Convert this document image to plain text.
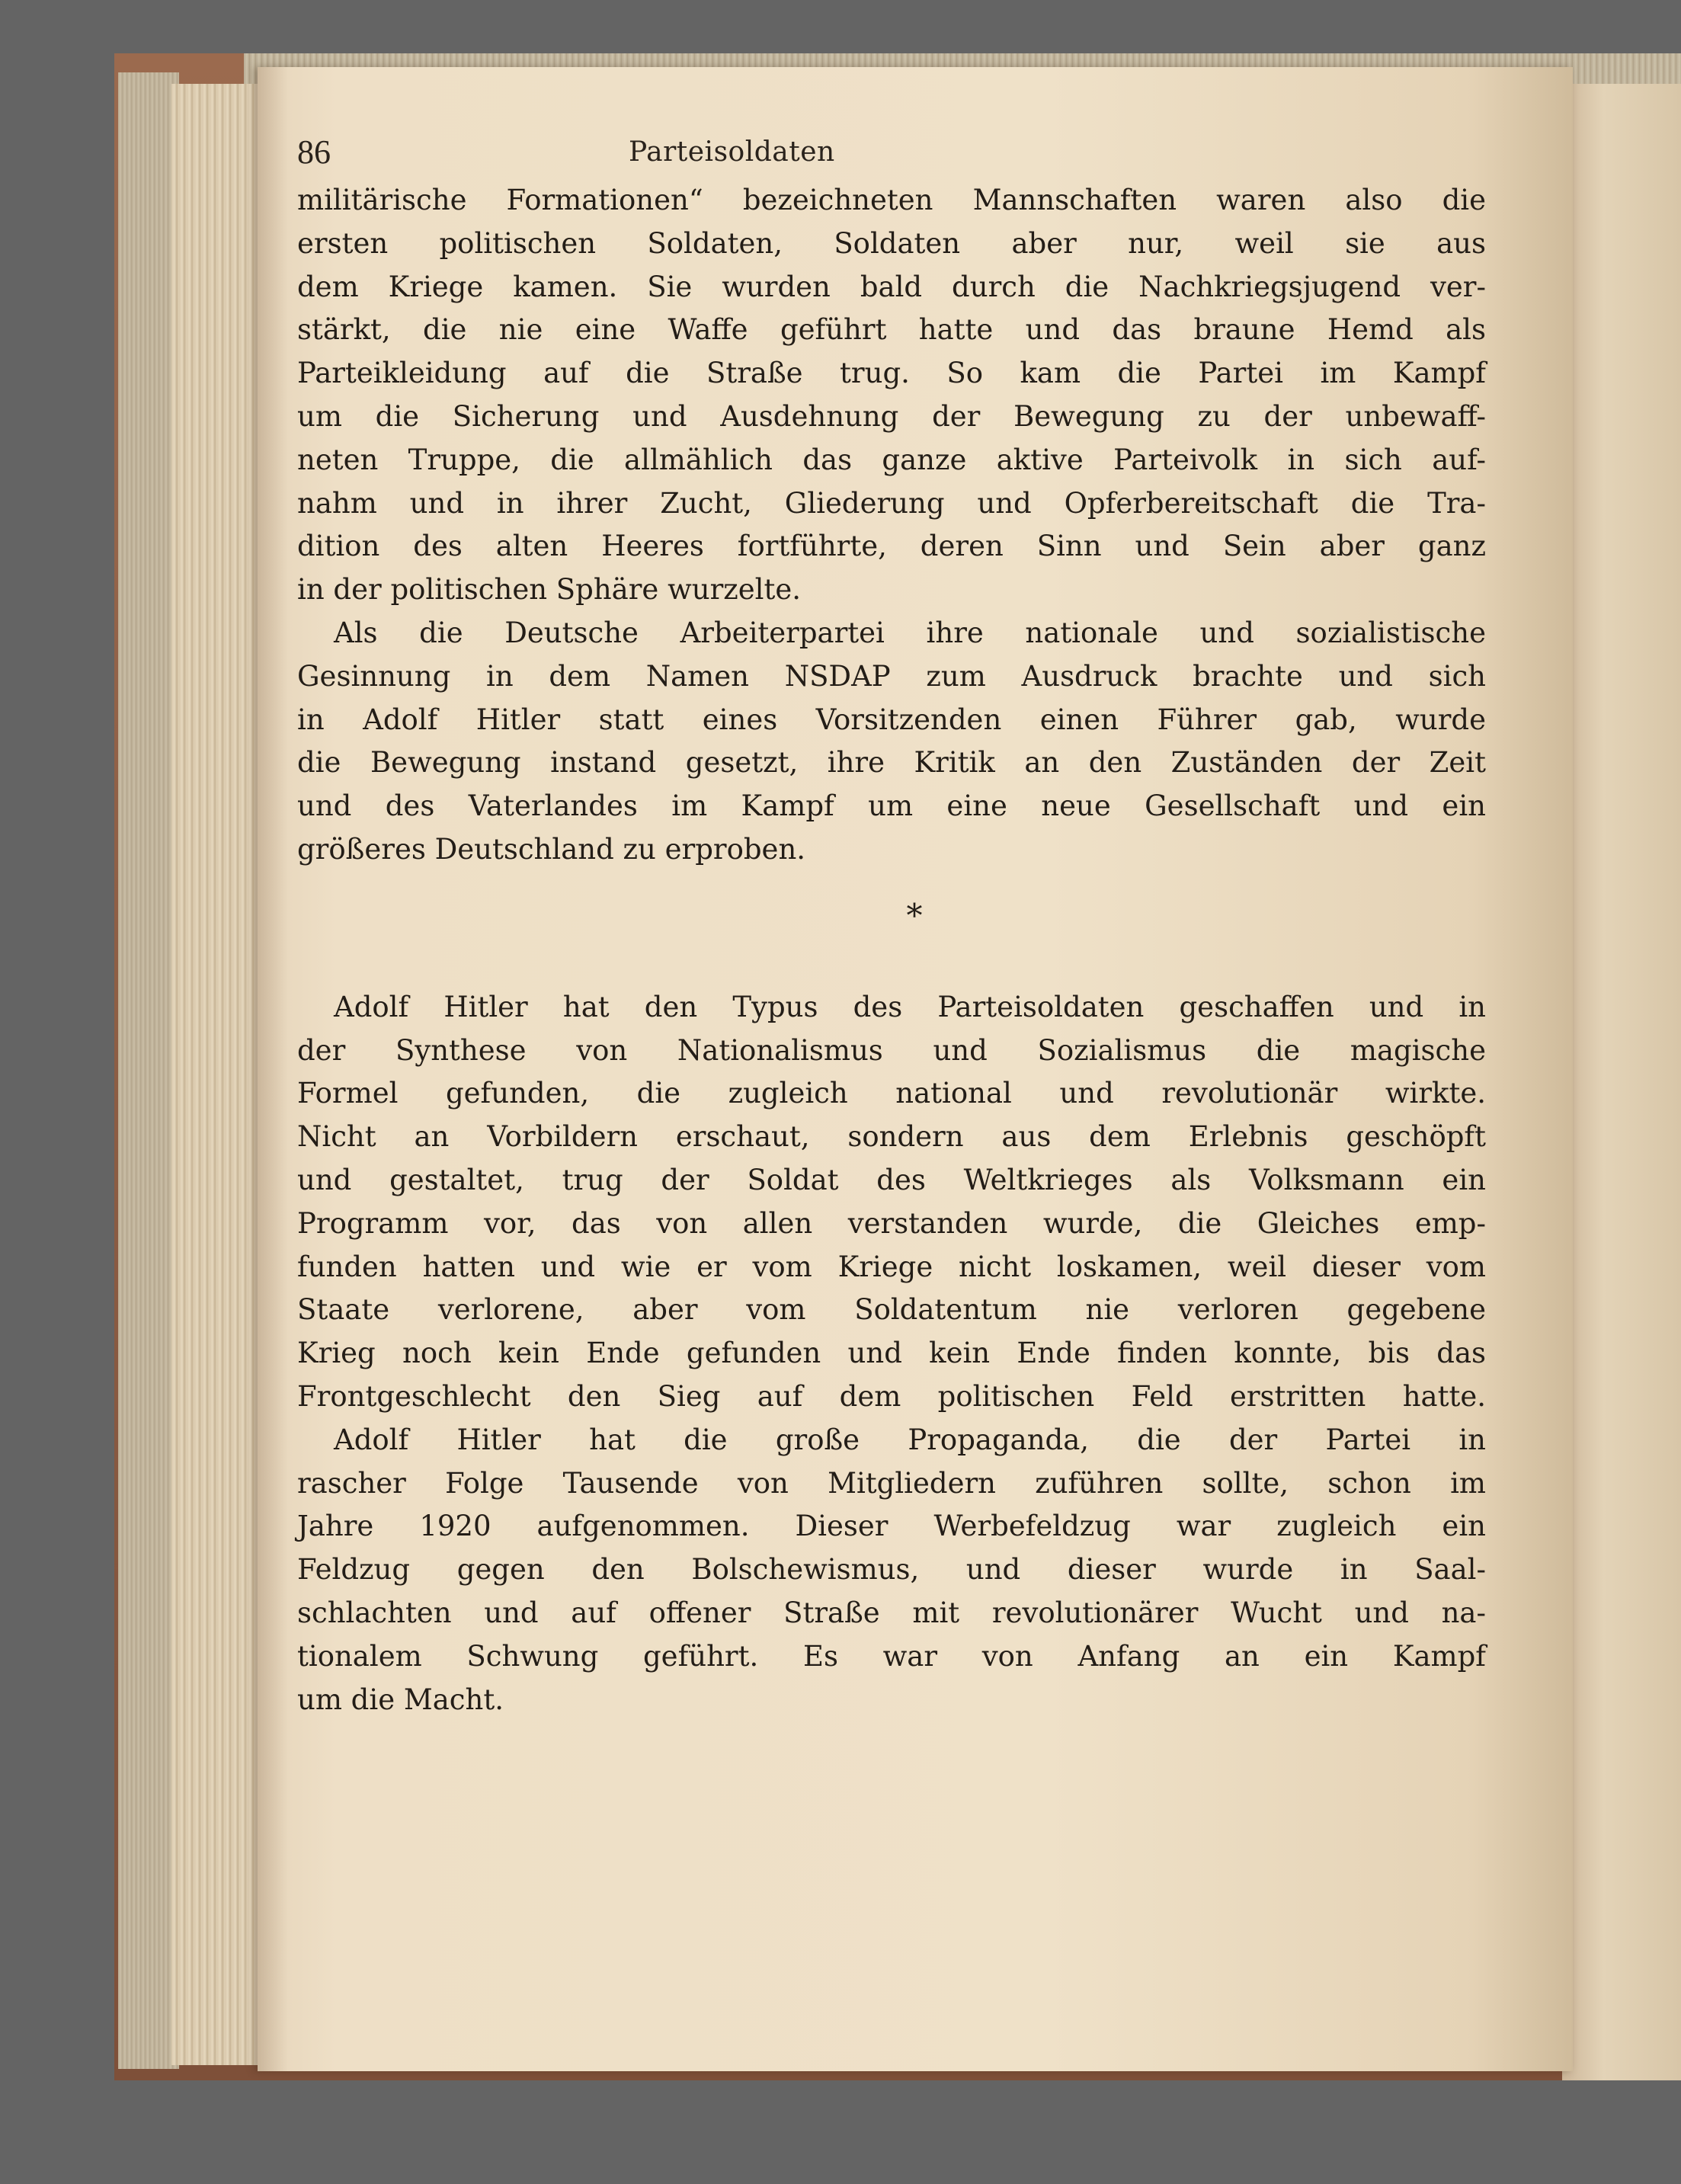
86	Parteisoldaten
militärische Formationen“ bezeichneten Mannschaften waren also die
ersten politischen Soldaten, Soldaten aber nur, weil sie aus
dem Kriege kamen. Sie wurden bald durch die Nachkriegsjugend ver-
stärkt, die nie eine Waffe geführt hatte und das braune Hemd als
Parteikleidung auf die Straße trug. So kam die Partei im Kampf
um die Sicherung und Ausdehnung der Bewegung zu der unbewaff-
neten Truppe, die allmählich das ganze aktive Parteivolk in sich auf-
nahm und in ihrer Zucht, Gliederung und Opferbereitschaft die Tra-
dition des alten Heeres fortführte, deren Sinn und Sein aber ganz
in der politischen Sphäre wurzelte.
Als die Deutsche Arbeiterpartei ihre nationale und sozialistische
Gesinnung in dem Namen NSDAP zum Ausdruck brachte und sich
in Adolf Hitler statt eines Vorsitzenden einen Führer gab, wurde
die Bewegung instand gesetzt, ihre Kritik an den Zuständen der Zeit
und des Vaterlandes im Kampf um eine neue Gesellschaft und ein
größeres Deutschland zu erproben.
*
Adolf Hitler hat den Typus des Parteisoldaten geschaffen und in
der Synthese von Nationalismus und Sozialismus die magische
Formel gefunden, die zugleich national und revolutionär wirkte.
Nicht an Vorbildern erschaut, sondern aus dem Erlebnis geschöpft
und gestaltet, trug der Soldat des Weltkrieges als Volksmann ein
Programm vor, das von allen verstanden wurde, die Gleiches emp-
funden hatten und wie er vom Kriege nicht loskamen, weil dieser vom
Staate verlorene, aber vom Soldatentum nie verloren gegebene
Krieg noch kein Ende gefunden und kein Ende finden konnte, bis das
Frontgeschlecht den Sieg auf dem politischen Feld erstritten hatte.
Adolf Hitler hat die große Propaganda, die der Partei in
rascher Folge Tausende von Mitgliedern zuführen sollte, schon im
Jahre 1920 aufgenommen. Dieser Werbefeldzug war zugleich ein
Feldzug gegen den Bolschewismus, und dieser wurde in Saal-
schlachten und auf offener Straße mit revolutionärer Wucht und na-
tionalem Schwung geführt. Es war von Anfang an ein Kampf
um die Macht.
